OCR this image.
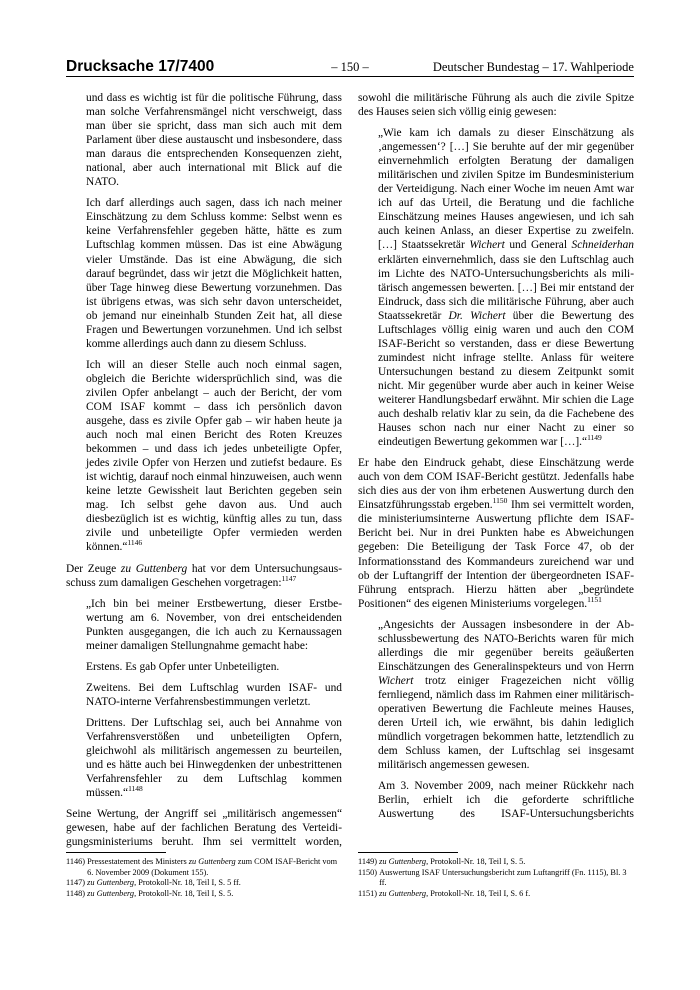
Drucksache 17/7400	– 150 –	Deutscher Bundestag – 17. Wahlperiode

und dass es wichtig ist für die politische Führung, dass man solche Verfahrensmängel nicht verschweigt, dass man über sie spricht, dass man sich auch mit dem Parlament über diese austauscht und insbesondere, dass man daraus die entsprechenden Konsequenzen zieht, national, aber auch international mit Blick auf die NATO.

Ich darf allerdings auch sagen, dass ich nach meiner Einschätzung zu dem Schluss komme: Selbst wenn es keine Verfahrensfehler gegeben hätte, hätte es zum Luftschlag kommen müssen. Das ist eine Abwägung vieler Umstände. Das ist eine Abwägung, die sich darauf begründet, dass wir jetzt die Möglichkeit hatten, über Tage hinweg diese Bewertung vorzunehmen. Das ist übrigens etwas, was sich sehr davon unterscheidet, ob jemand nur eineinhalb Stunden Zeit hat, all diese Fragen und Bewertungen vorzunehmen. Und ich selbst komme allerdings auch dann zu diesem Schluss.

Ich will an dieser Stelle auch noch einmal sagen, obgleich die Berichte widersprüchlich sind, was die zivilen Opfer anbelangt – auch der Bericht, der vom COM ISAF kommt – dass ich persönlich davon ausgehe, dass es zivile Opfer gab – wir haben heute ja auch noch mal einen Bericht des Roten Kreuzes bekommen – und dass ich jedes unbeteiligte Opfer, jedes zivile Opfer von Herzen und zutiefst bedaure. Es ist wichtig, darauf noch einmal hinzuweisen, auch wenn keine letzte Gewissheit laut Berichten gegeben sein mag. Ich selbst gehe davon aus. Und auch diesbezüglich ist es wichtig, künftig alles zu tun, dass zivile und unbeteiligte Opfer vermieden werden können.“$^{1146}$

Der Zeuge zu Guttenberg hat vor dem Untersuchungsausschuss zum damaligen Geschehen vorgetragen:$^{1147}$

„Ich bin bei meiner Erstbewertung, dieser Erstbewertung am 6. November, von drei entscheidenden Punkten ausgegangen, die ich auch zu Kernaussagen meiner damaligen Stellungnahme gemacht habe:

Erstens. Es gab Opfer unter Unbeteiligten.

Zweitens. Bei dem Luftschlag wurden ISAF- und NATO-interne Verfahrensbestimmungen verletzt.

Drittens. Der Luftschlag sei, auch bei Annahme von Verfahrensverstößen und unbeteiligten Opfern, gleichwohl als militärisch angemessen zu beurteilen, und es hätte auch bei Hinwegdenken der unbestrittenen Verfahrensfehler zu dem Luftschlag kommen müssen.“$^{1148}$

Seine Wertung, der Angriff sei „militärisch angemessen“ gewesen, habe auf der fachlichen Beratung des Verteidigungsministeriums beruht. Ihm sei vermittelt worden,

sowohl die militärische Führung als auch die zivile Spitze des Hauses seien sich völlig einig gewesen:

„Wie kam ich damals zu dieser Einschätzung als ‚angemessen‘? […] Sie beruhte auf der mir gegenüber einvernehmlich erfolgten Beratung der damaligen militärischen und zivilen Spitze im Bundesministerium der Verteidigung. Nach einer Woche im neuen Amt war ich auf das Urteil, die Beratung und die fachliche Einschätzung meines Hauses angewiesen, und ich sah auch keinen Anlass, an dieser Expertise zu zweifeln. […] Staatssekretär Wichert und General Schneiderhan erklärten einvernehmlich, dass sie den Luftschlag auch im Lichte des NATO-Untersuchungsberichts als militärisch angemessen bewerten. […] Bei mir entstand der Eindruck, dass sich die militärische Führung, aber auch Staatssekretär Dr. Wichert über die Bewertung des Luftschlages völlig einig waren und auch den COM ISAF-Bericht so verstanden, dass er diese Bewertung zumindest nicht infrage stellte. Anlass für weitere Untersuchungen bestand zu diesem Zeitpunkt somit nicht. Mir gegenüber wurde aber auch in keiner Weise weiterer Handlungsbedarf erwähnt. Mir schien die Lage auch deshalb relativ klar zu sein, da die Fachebene des Hauses schon nach nur einer Nacht zu einer so eindeutigen Bewertung gekommen war […].“$^{1149}$

Er habe den Eindruck gehabt, diese Einschätzung werde auch von dem COM ISAF-Bericht gestützt. Jedenfalls habe sich dies aus der von ihm erbetenen Auswertung durch den Einsatzführungsstab ergeben.$^{1150}$ Ihm sei vermittelt worden, die ministeriumsinterne Auswertung pflichte dem ISAF-Bericht bei. Nur in drei Punkten habe es Abweichungen gegeben: Die Beteiligung der Task Force 47, ob der Informationsstand des Kommandeurs zureichend war und ob der Luftangriff der Intention der übergeordneten ISAF-Führung entsprach. Hierzu hätten aber „begründete Positionen“ des eigenen Ministeriums vorgelegen.$^{1151}$

„Angesichts der Aussagen insbesondere in der Abschlussbewertung des NATO-Berichts waren für mich allerdings die mir gegenüber bereits geäußerten Einschätzungen des Generalinspekteurs und von Herrn Wichert trotz einiger Fragezeichen nicht völlig fernliegend, nämlich dass im Rahmen einer militärisch-operativen Bewertung die Fachleute meines Hauses, deren Urteil ich, wie erwähnt, bis dahin lediglich mündlich vorgetragen bekommen hatte, letztendlich zu dem Schluss kamen, der Luftschlag sei insgesamt militärisch angemessen gewesen.

Am 3. November 2009, nach meiner Rückkehr nach Berlin, erhielt ich die geforderte schriftliche Auswertung des ISAF-Untersuchungsberichts

1146)
Pressestatement des Ministers zu Guttenberg zum COM ISAF-Bericht vom 6. November 2009 (Dokument 155).
1147)
zu Guttenberg, Protokoll-Nr. 18, Teil I, S. 5 ff.
1148)
zu Guttenberg, Protokoll-Nr. 18, Teil I, S. 5.
1149)
zu Guttenberg, Protokoll-Nr. 18, Teil I, S. 5.
1150)
Auswertung ISAF Untersuchungsbericht zum Luftangriff (Fn. 1115), Bl. 3 ff.
1151)
zu Guttenberg, Protokoll-Nr. 18, Teil I, S. 6 f.
